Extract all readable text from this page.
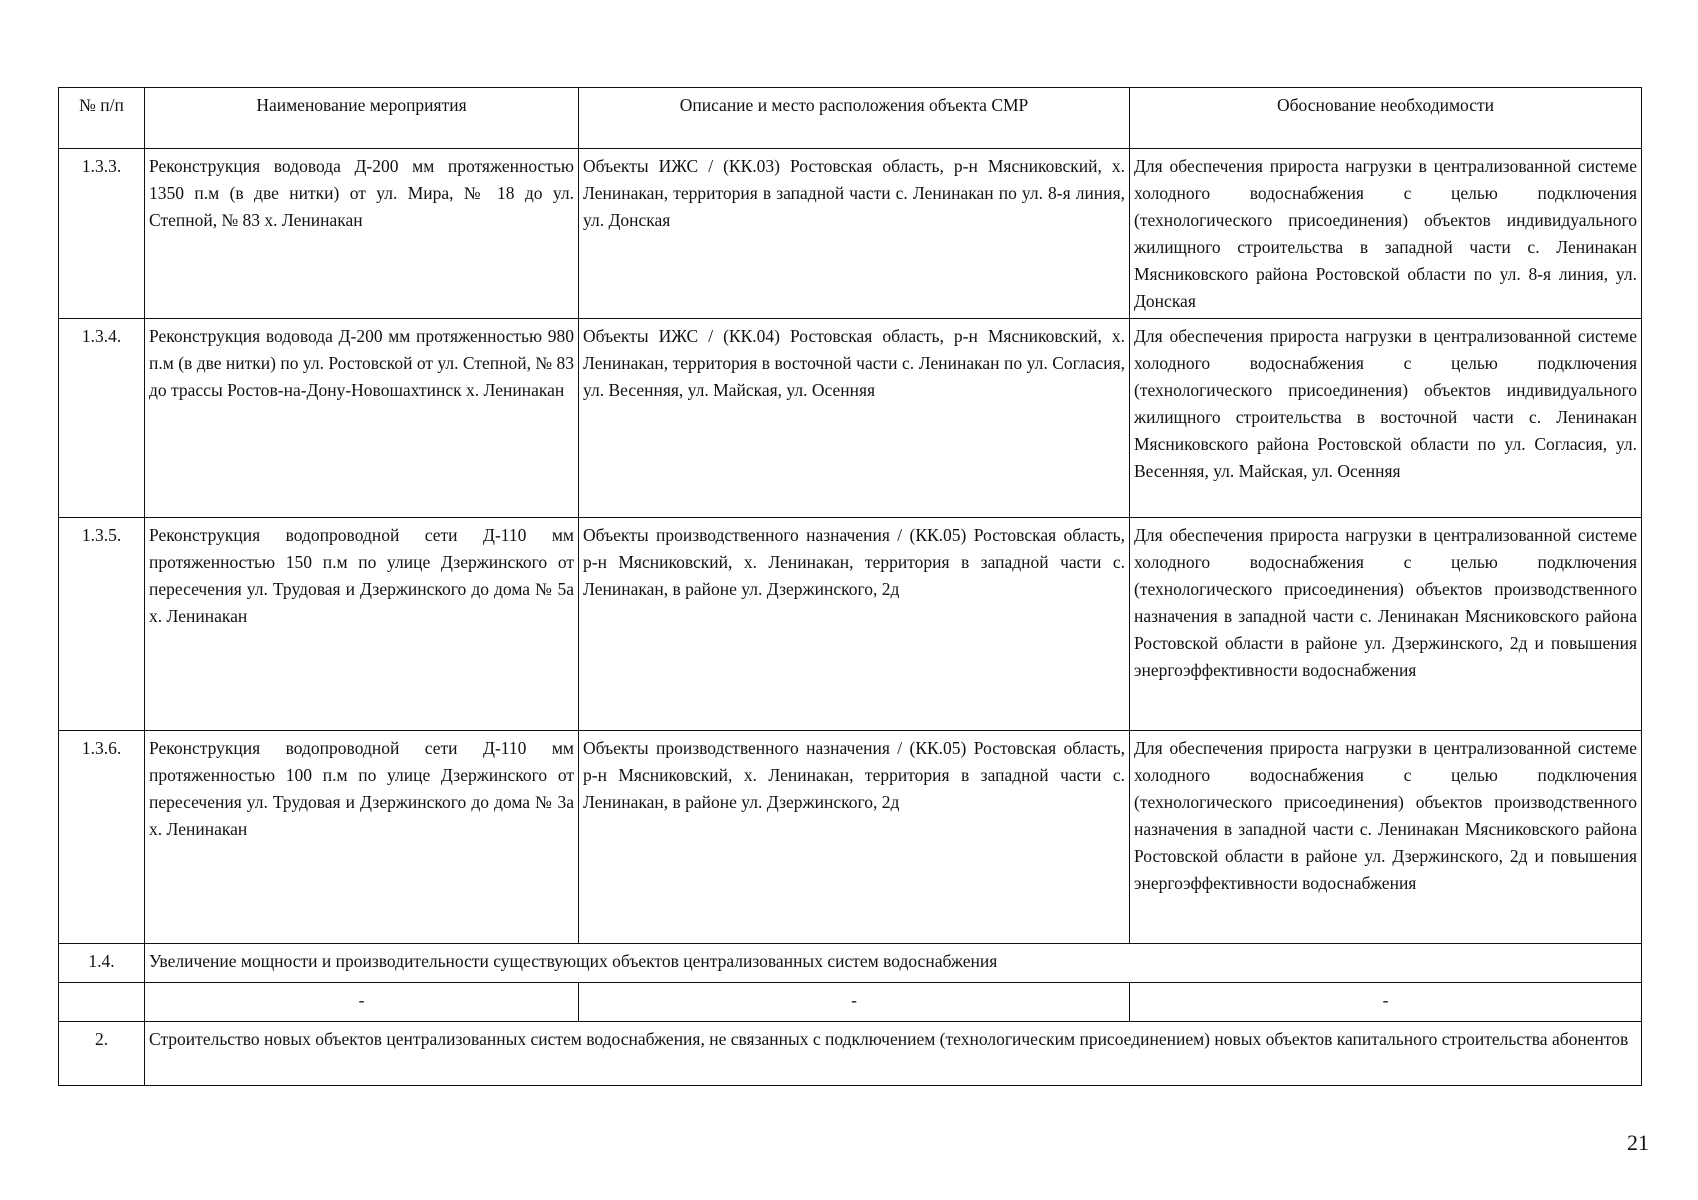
№ п/п	Наименование мероприятия	Описание и место расположения объекта СМР	Обоснование необходимости
1.3.3.	Реконструкция водовода Д-200 мм протяженностью 1350 п.м (в две нитки) от ул. Мира, № 18 до ул. Степной, № 83 х. Ленинакан	Объекты ИЖС / (КК.03) Ростовская область, р-н Мясниковский, х. Ленинакан, территория в западной части с. Ленинакан по ул. 8-я линия, ул. Донская	Для обеспечения прироста нагрузки в централизованной системе холодного водоснабжения с целью подключения (технологического присоединения) объектов индивидуального жилищного строительства в западной части с. Ленинакан Мясниковского района Ростовской области по ул. 8-я линия, ул. Донская
1.3.4.	Реконструкция водовода Д-200 мм протяженностью 980 п.м (в две нитки) по ул. Ростовской от ул. Степной, № 83 до трассы Ростов-на-Дону-Новошахтинск х. Ленинакан	Объекты ИЖС / (КК.04) Ростовская область, р-н Мясниковский, х. Ленинакан, территория в восточной части с. Ленинакан по ул. Согласия, ул. Весенняя, ул. Майская, ул. Осенняя	Для обеспечения прироста нагрузки в централизованной системе холодного водоснабжения с целью подключения (технологического присоединения) объектов индивидуального жилищного строительства в восточной части с. Ленинакан Мясниковского района Ростовской области по ул. Согласия, ул. Весенняя, ул. Майская, ул. Осенняя
1.3.5.	Реконструкция водопроводной сети Д-110 мм протяженностью 150 п.м по улице Дзержинского от пересечения ул. Трудовая и Дзержинского до дома № 5а х. Ленинакан	Объекты производственного назначения / (КК.05) Ростовская область, р-н Мясниковский, х. Ленинакан, территория в западной части с. Ленинакан, в районе ул. Дзержинского, 2д	Для обеспечения прироста нагрузки в централизованной системе холодного водоснабжения с целью подключения (технологического присоединения) объектов производственного назначения в западной части с. Ленинакан Мясниковского района Ростовской области в районе ул. Дзержинского, 2д и повышения энергоэффективности водоснабжения
1.3.6.	Реконструкция водопроводной сети Д-110 мм протяженностью 100 п.м по улице Дзержинского от пересечения ул. Трудовая и Дзержинского до дома № 3а х. Ленинакан	Объекты производственного назначения / (КК.05) Ростовская область, р-н Мясниковский, х. Ленинакан, территория в западной части с. Ленинакан, в районе ул. Дзержинского, 2д	Для обеспечения прироста нагрузки в централизованной системе холодного водоснабжения с целью подключения (технологического присоединения) объектов производственного назначения в западной части с. Ленинакан Мясниковского района Ростовской области в районе ул. Дзержинского, 2д и повышения энергоэффективности водоснабжения
1.4.	Увеличение мощности и производительности существующих объектов централизованных систем водоснабжения		
	-	-	-
2.	Строительство новых объектов централизованных систем водоснабжения, не связанных с подключением (технологическим присоединением) новых объектов капитального строительства абонентов		
21
